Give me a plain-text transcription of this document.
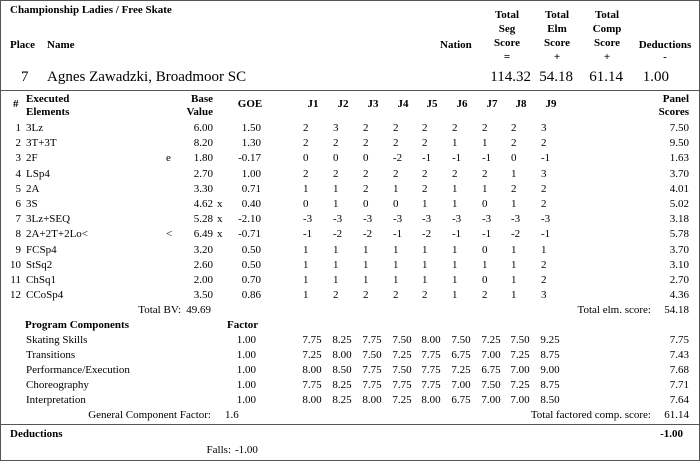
Championship Ladies / Free Skate
Place Name	Nation
Total
Seg
Score
=
Total
Elm
Score
+
Total
Comp
Score
+
Deductions
-
7 Agnes Zawadzki, Broadmoor SC	114.32 54.18	61.14	1.00
# Executed
Elements
Base
Value
GOE	J1	J2	J3	J4	J5	J6	J7	J8	J9	Panel
Scores
1 3Lz	6.00	1.50	2 3 2 2 2 2 2 2 3	7.50
2 3T+3T	8.20	1.30	2 2 2 2 2 1 1 2 2	9.50
3 2F	e	1.80	-0.17	0 0 0 -2 -1 -1 -1 0 -1	1.63
4 LSp4	2.70	1.00	2 2 2 2 2 2 2 1 3	3.70
5 2A	3.30	0.71	1 1 2 1 2 1 1 2 2	4.01
6 3S	4.62 x	0.40	0 1 0 0 1 1 0 1 2	5.02
7 3Lz+SEQ	5.28 x	-2.10	-3 -3 -3 -3 -3 -3 -3 -3 -3	3.18
8 2A+2T+2Lo<	<	6.49 x	-0.71	-1 -2 -2 -1 -2 -1 -1 -2 -1	5.78
9 FCSp4	3.20	0.50	1 1 1 1 1 1 0 1 1	3.70
10 StSq2	2.60	0.50	1 1 1 1 1 1 1 1 2	3.10
11 ChSq1	2.00	0.70	1 1 1 1 1 1 0 1 2	2.70
12 CCoSp4	3.50	0.86	1 2 2 2 2 1 2 1 3	4.36
Total BV: 49.69	Total elm. score:	54.18
Program Components	Factor
Skating Skills	1.00	7.75 8.25 7.75 7.50 8.00 7.50 7.25 7.50 9.25	7.75
Transitions	1.00	7.25 8.00 7.50 7.25 7.75 6.75 7.00 7.25 8.75	7.43
Performance/Execution	1.00	8.00 8.50 7.75 7.50 7.75 7.25 6.75 7.00 9.00	7.68
Choreography	1.00	7.75 8.25 7.75 7.75 7.75 7.00 7.50 7.25 8.75	7.71
Interpretation	1.00	8.00 8.25 8.00 7.25 8.00 6.75 7.00 7.00 8.50	7.64
General Component Factor: 1.6	Total factored comp. score:	61.14
Deductions	-1.00
Falls: -1.00
